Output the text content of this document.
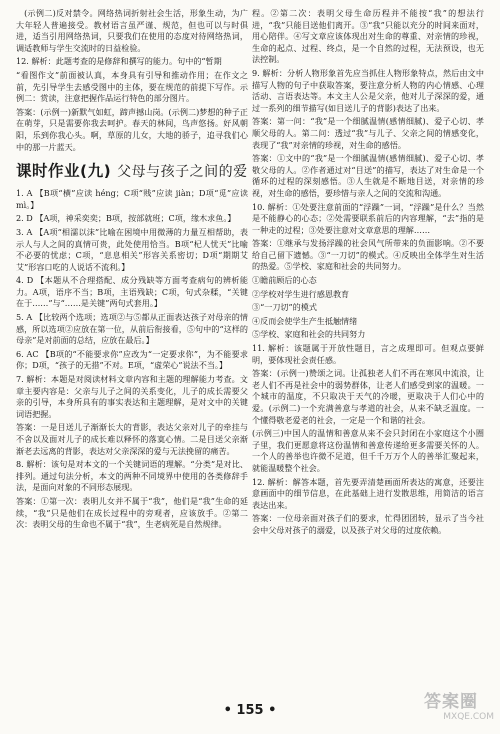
(示例二)反对禁令。网络热词折射社会生活，形象生动，为广大年轻人普遍接受。教材语言虽严谨、规范，但也可以与时俱进，适当引用网络热词，只要我们在使用的态度对待网络热词，调适教师与学生交流时的日益检验。

12. 解析：此题考查的是修辞和撰写的能力。句中的“暂期

“看图作文”前面被认真，本身具有引导和推动作用；在作文之前，先引导学生去感受图中的主体，要在规范的前提下写作。示例二：赏读，注意把握作品运行特色的部分图片。

答案：(示例一)新默气如虹，蹄声撼山岗。(示例二)梦想的种子正在萌芽，只是需要你我去呵护。春天的林间，鸟声悠扬。好风朝阳，乐到你我心头。啊，草原的儿女，大地的骄子，追寻我们心中的那一片蓝天。

课时作业(九) 父母与孩子之间的爱

1. A 【B项“横”应读 héng；C项“贱”应读 jiàn；D项“觅”应读 mì。】

2. D 【A项，神采奕奕；B项，按部就班；C项，缘木求鱼。】

3. A 【A项“相濡以沫”比喻在困境中用微薄的力量互相帮助，表示人与人之间的真情可贵，此处使用恰当。B项“杞人忧天”比喻不必要的忧虑；C项，“息息相关”形容关系密切；D项“期期艾艾”形容口吃的人说话不流利。】

4. D 【本题从不合理搭配、成分残缺等方面考查病句的辨析能力。A项，语序不当；B项，主语残缺；C项，句式杂糅，“关键在于……”与“……是关键”两句式套用。】

5. A 【比较两个选项；选项②与⑤都从正面表达孩子对母亲的情感，所以选项②应放在第一位，从前后衔接看，⑤句中的“这样的母亲”是对前面的总结，应放在最后。】

6. AC 【B项的“不能要求你”应改为“一定要求你”，为不能要求你；D项，“孩子的无措”不对。E项，“虚荣心”说法不当。】

7. 解析：本题是对阅读材料文章内容和主题的理解能力考查。文章主要内容是：父亲与儿子之间的关系变化，儿子的成长需要父亲的引导，本身所具有的事实表达和主题理解，是对文中的关键词语把握。

答案：一是目送儿子渐渐长大的背影，表达父亲对儿子的牵挂与不舍以及面对儿子的成长难以释怀的落寞心情。二是目送父亲渐渐老去远离的背影，表达对父亲深深的爱与无法挽留的痛苦。

8. 解析：该句是对本文的一个关键词语的理解。“分类”是对比、排列。通过句法分析，本文的两种不同境界中使用的各类修辞手法，是面向对象的不同形态展现。

答案：①第一次：表明儿女并不属于“我”，他们是“我”生命的延续，“我”只是他们在成长过程中的旁观者，应该放手。②第二次：表明父母的生命也不属于“我”，生老病死是自然规律。

程。②第二次：表明父母生命历程并不能按“我”的想法行进，“我”只能目送他们离开。③“我”只能以充分的时间来面对，用心陪伴。④写文章应该体现出对生命的尊重、对亲情的珍视，生命的起点、过程、终点，是一个自然的过程，无法预设，也无法控制。

9. 解析：分析人物形象首先应当抓住人物形象特点，然后由文中描写人物的句子中获取答案，要注意分析人物的内心情感、心理活动、言语表达等。本文主人公是父亲，他对儿子深深的爱，通过一系列的细节描写(如目送儿子的背影)表达了出来。

答案：第一问：“我”是一个细腻温情(感情细腻)、爱子心切、孝顺父母的人。第二问：透过“我”与儿子、父亲之间的情感变化，表现了“我”对亲情的珍视，对生命的感悟。

答案：①文中的“我”是一个细腻温情(感情细腻)、爱子心切、孝敬父母的人。②作者通过对“目送”的描写，表达了对生命是一个循环的过程的深刻感悟。③人生就是不断地目送，对亲情的珍视，对生命的感悟，要珍惜与亲人之间的交流和沟通。

10. 解析：①处要注意前面的“浮躁”一词，“浮躁”是什么？当然是不能静心的心态；②处需要联系前后的内容理解，“去”指的是一种走的过程；③处要注意对文章意思的理解……

答案：①继承与发扬浮躁的社会风气所带来的负面影响。②不要给自己留下遗憾。③“一刀切”的模式。④反映出全体学生对生活的热爱。⑤学校、家庭和社会的共同努力。

①瞻前顾后的心态

②学校对学生进行感恩教育

③“一刀切”的模式

④反而会使学生产生抵触情绪

⑤学校、家庭和社会的共同努力

11. 解析：该题属于开放性题目，言之成理即可。但观点要鲜明，要体现社会责任感。

答案：(示例一)赞颂之词。让孤独老人们不再在寒风中流浪，让老人们不再是社会中的弱势群体，让老人们感受到家的温暖。一个城市的温度，不只取决于天气的冷暖，更取决于人们心中的爱。(示例二)一个充满善意与孝道的社会，从来不缺乏温度。一个懂得敬老爱老的社会，一定是一个和谐的社会。

(示例三)中国人的温情和善意从来不会只封闭在小家庭这个小圈子里，我们更愿意将这份温情和善意传递给更多需要关怀的人。一个人的善举也许微不足道，但千千万万个人的善举汇聚起来，就能温暖整个社会。

12. 解析：解答本题，首先要弄清楚画面所表达的寓意，还要注意画面中的细节信息，在此基础上进行发散思维，用简洁的语言表达出来。

答案：一位母亲面对孩子们的要求，忙得团团转，显示了当今社会中父母对孩子的溺爱，以及孩子对父母的过度依赖。

• 155 •	答案圈
MXQE.COM
